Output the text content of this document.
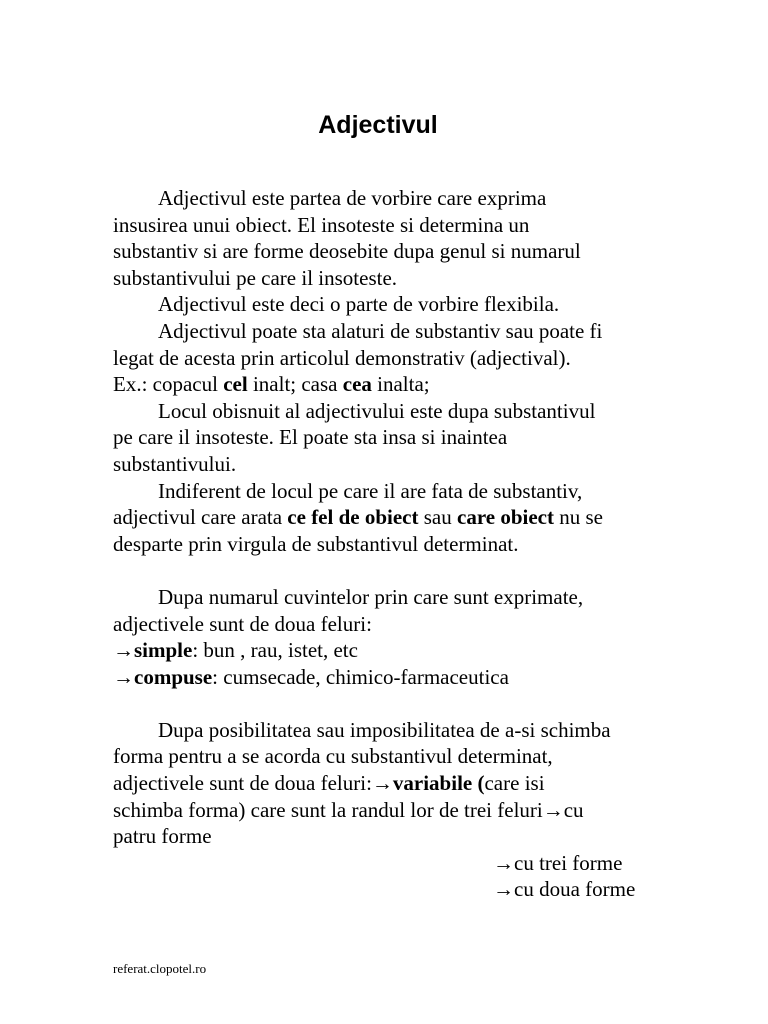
Adjectivul
Adjectivul este partea de vorbire care exprima
insusirea unui obiect. El insoteste si determina un
substantiv si are forme deosebite dupa genul si numarul
substantivului pe care il insoteste.
Adjectivul este deci o parte de vorbire flexibila.
Adjectivul poate sta alaturi de substantiv sau poate fi
legat de acesta prin articolul demonstrativ (adjectival).
Ex.: copacul cel inalt; casa cea inalta;
Locul obisnuit al adjectivului este dupa substantivul
pe care il insoteste. El poate sta insa si inaintea
substantivului.
Indiferent de locul pe care il are fata de substantiv,
adjectivul care arata ce fel de obiect sau care obiect nu se
desparte prin virgula de substantivul determinat.
Dupa numarul cuvintelor prin care sunt exprimate,
adjectivele sunt de doua feluri:
→simple: bun , rau, istet, etc
→compuse: cumsecade, chimico-farmaceutica
Dupa posibilitatea sau imposibilitatea de a-si schimba
forma pentru a se acorda cu substantivul determinat,
adjectivele sunt de doua feluri:→variabile (care isi
schimba forma) care sunt la randul lor de trei feluri→cu
patru forme
→cu trei forme
→cu doua forme
referat.clopotel.ro
